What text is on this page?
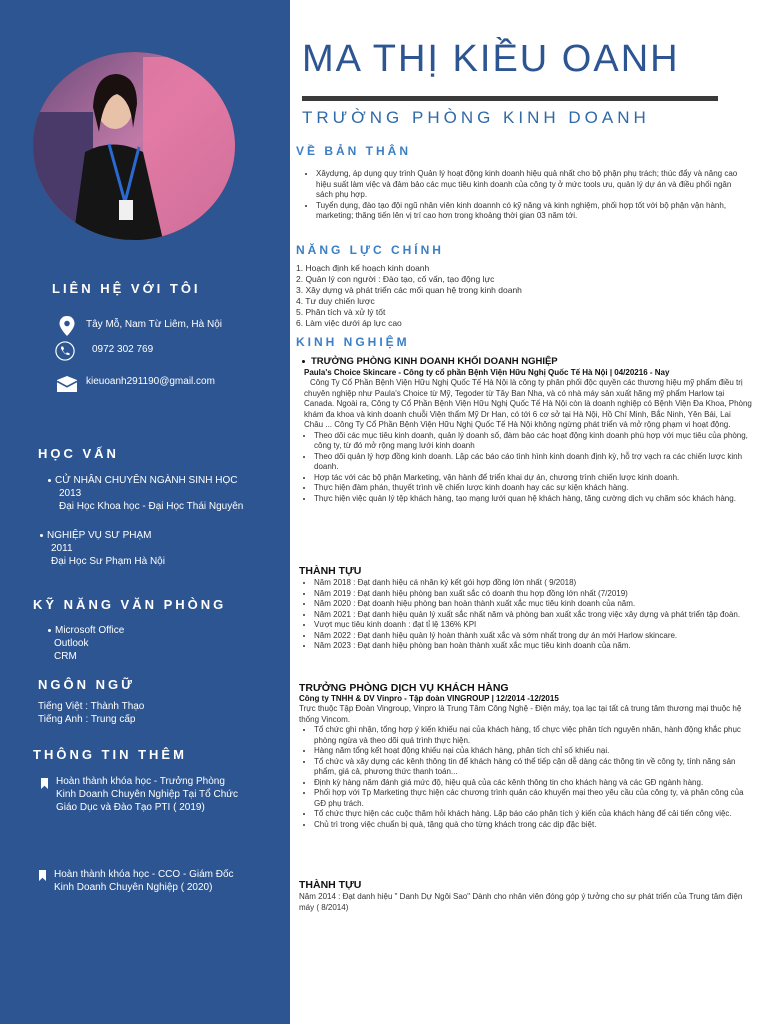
LIÊN HỆ VỚI TÔI
Tây Mỗ, Nam Từ Liêm, Hà Nội
0972 302 769
kieuoanh291190@gmail.com
HỌC VẤN
CỬ NHÂN CHUYÊN NGÀNH SINH HỌC
2013
Đại Học Khoa học - Đại Học Thái Nguyên
NGHIỆP VỤ SƯ PHẠM
2011
Đại Học Sư Phạm Hà Nội
KỸ NĂNG VĂN PHÒNG
Microsoft Office
Outlook
CRM
NGÔN NGỮ
Tiếng Việt : Thành Thạo
Tiếng Anh : Trung cấp
THÔNG TIN THÊM
Hoàn thành khóa học - Trưởng Phòng Kinh Doanh Chuyên Nghiệp Tại Tổ Chức Giáo Dục và Đào Tạo PTI ( 2019)
Hoàn thành khóa học - CCO - Giám Đốc Kinh Doanh Chuyên Nghiệp ( 2020)
MA THỊ KIỀU OANH
TRƯỜNG PHÒNG KINH DOANH
VỀ BẢN THÂN
• Xâydựng, áp dụng quy trình Quản lý hoạt động kinh doanh hiệu quả nhất cho bộ phận phụ trách; thúc đẩy và nâng cao hiệu suất làm việc và đảm bảo các mục tiêu kinh doanh của công ty ở mức tools ưu, quản lý dự án và điều phối ngân sách phụ hợp.
• Tuyển dụng, đào tạo đội ngũ nhân viên kinh doannh có kỹ năng và kinh nghiệm, phối hợp tốt với bộ phận vận hành, marketing; thăng tiến lên vị trí cao hơn trong khoảng thời gian 03 năm tới.
NĂNG LỰC CHÍNH
1. Hoạch định kế hoạch kinh doanh
2. Quản lý con người : Đào tạo, cố vấn, tạo động lực
3. Xây dựng và phát triển các mối quan hệ trong kinh doanh
4. Tư duy chiến lược
5. Phân tích và xử lý tốt
6. Làm việc dưới áp lực cao
KINH NGHIỆM
TRƯỞNG PHÒNG KINH DOANH KHỐI DOANH NGHIỆP
Paula's Choice Skincare - Công ty cổ phần Bệnh Viện Hữu Nghị Quốc Tế Hà Nội | 04/20216 - Nay
Công Ty Cổ Phần Bệnh Viện Hữu Nghị Quốc Tế Hà Nội là công ty phân phối độc quyền các thương hiệu mỹ phẩm điều trị chuyên nghiệp như Paula's Choice từ Mỹ, Tegoder từ Tây Ban Nha, và có nhà máy sản xuất hãng mỹ phẩm Harlow tại Canada. Ngoài ra, Công ty Cổ Phần Bệnh Viện Hữu Nghị Quốc Tế Hà Nội còn là doanh nghiệp có Bệnh Viện Đa Khoa, Phòng khám đa khoa và kinh doanh chuỗi Viện thẩm Mỹ Dr Han, có tới 6 cơ sở tại Hà Nội, Hồ Chí Minh, Bắc Ninh, Yên Bái, Lai Châu ... Công Ty Cổ Phần Bệnh Viện Hữu Nghị Quốc Tế Hà Nội không ngừng phát triển và mở rộng phạm vi hoạt động.
• Theo dõi các mục tiêu kinh doanh, quản lý doanh số, đàm bảo các hoạt động kinh doanh phù hợp với mục tiêu của phòng, công ty, từ đó mở rộng mạng lưới kinh doanh
• Theo dõi quản lý hợp đồng kinh doanh. Lập các báo cáo tình hình kinh doanh định kỳ, hỗ trợ vạch ra các chiến lược kinh doanh.
• Hợp tác với các bộ phận Marketing, vận hành để triển khai dự án, chương trình chiến lược kinh doanh.
• Thực hiện đàm phán, thuyết trình về chiến lược kinh doanh hay các sự kiện khách hàng.
• Thực hiện việc quản lý tệp khách hàng, tạo mạng lưới quan hệ khách hàng, tăng cường dịch vụ chăm sóc khách hàng.
THÀNH TỰU
• Năm 2018 : Đạt danh hiệu cá nhân ký kết gói hợp đồng lớn nhất ( 9/2018)
• Năm 2019 : Đạt danh hiệu phòng ban xuất sắc có doanh thu hợp đồng lớn nhất (7/2019)
• Năm 2020 : Đạt doanh hiệu phòng ban hoàn thành xuất xắc mục tiêu kinh doanh của năm.
• Năm 2021 : Đạt danh hiệu quản lý xuất sắc nhất năm và phòng ban xuất xắc trong việc xây dựng và phát triển tập đoàn.
• Vượt mục tiêu kinh doanh : đạt tỉ lệ 136% KPI
• Năm 2022 : Đạt danh hiệu quản lý hoàn thành xuất xắc và sớm nhất trong dự án mới Harlow skincare.
• Năm 2023 : Đạt danh hiệu phòng ban hoàn thành xuất xắc mục tiêu kinh doanh của năm.
TRƯỞNG PHÒNG DỊCH VỤ KHÁCH HÀNG
Công ty TNHH & DV Vinpro - Tập đoàn VINGROUP | 12/2014 -12/2015
Trực thuộc Tập Đoàn Vingroup, Vinpro là Trung Tâm Công Nghệ - Điện máy, tọa lạc tại tất cả trung tâm thương mại thuộc hệ thống Vincom.
• Tổ chức ghi nhận, tổng hợp ý kiến khiếu nại của khách hàng, tổ chực việc phân tích nguyên nhân, hành động khắc phục phòng ngừa và theo dõi quá trình thực hiện.
• Hàng năm tổng kết hoạt động khiếu nại của khách hàng, phân tích chỉ số khiếu nại.
• Tổ chức và xây dựng các kênh thông tin để khách hàng có thể tiếp cận dễ dàng các thông tin về công ty, tính năng sản phẩm, giá cả, phương thức thanh toán...
• Định kỳ hàng năm đánh giá mức độ, hiệu quả của các kênh thông tin cho khách hàng và các GĐ ngành hàng.
• Phối hợp với Tp Marketing thực hiện các chương trình quản cáo khuyến mại theo yêu cầu của công ty, và phân công của GĐ phụ trách.
• Tổ chức thực hiện các cuộc thăm hỏi khách hàng. Lập báo cáo phân tích ý kiến của khách hàng để cải tiến công việc.
• Chủ trì trong việc chuẩn bị quà, tặng quà cho từng khách trong các dịp đặc biệt.
THÀNH TỰU
Năm 2014 : Đạt danh hiệu " Danh Dự Ngôi Sao" Dành cho nhân viên đóng góp ý tưởng cho sự phát triển của Trung tâm điện máy ( 8/2014)
